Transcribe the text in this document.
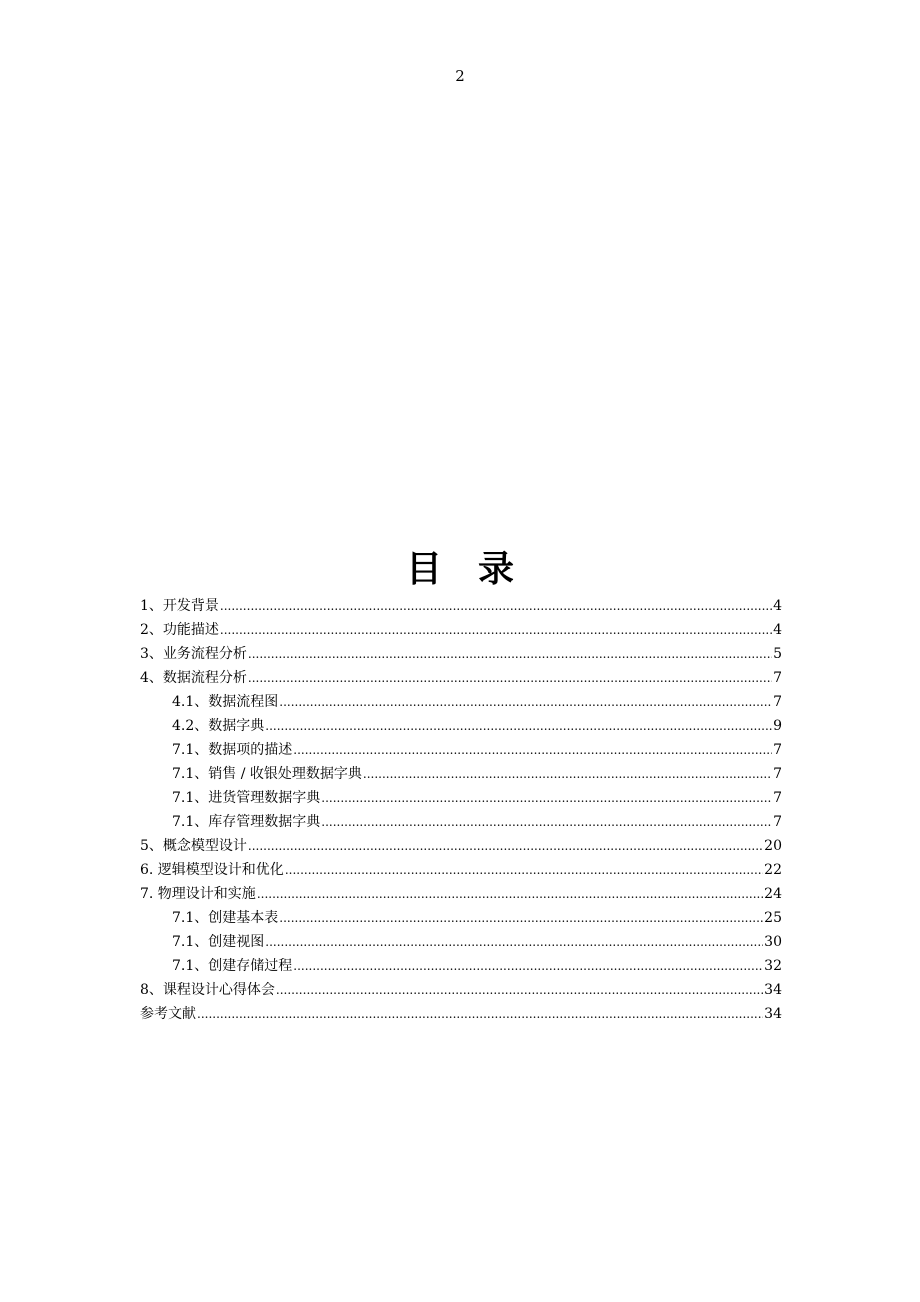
2
目 录
1、开发背景 .....	4
2、功能描述 .....	4
3、业务流程分析 .....	5
4、数据流程分析 .....	7
4.1、数据流程图 .....	7
4.2、数据字典 .....	9
7.1、数据项的描述 .....	7
7.1、销售 / 收银处理数据字典 .....	7
7.1、进货管理数据字典 .....	7
7.1、库存管理数据字典 .....	7
5、概念模型设计 .....	20
6. 逻辑模型设计和优化 .....	22
7. 物理设计和实施 .....	24
7.1、创建基本表 .....	25
7.1、创建视图 .....	30
7.1、创建存储过程 .....	32
8、课程设计心得体会 .....	34
参考文献 .....	34
